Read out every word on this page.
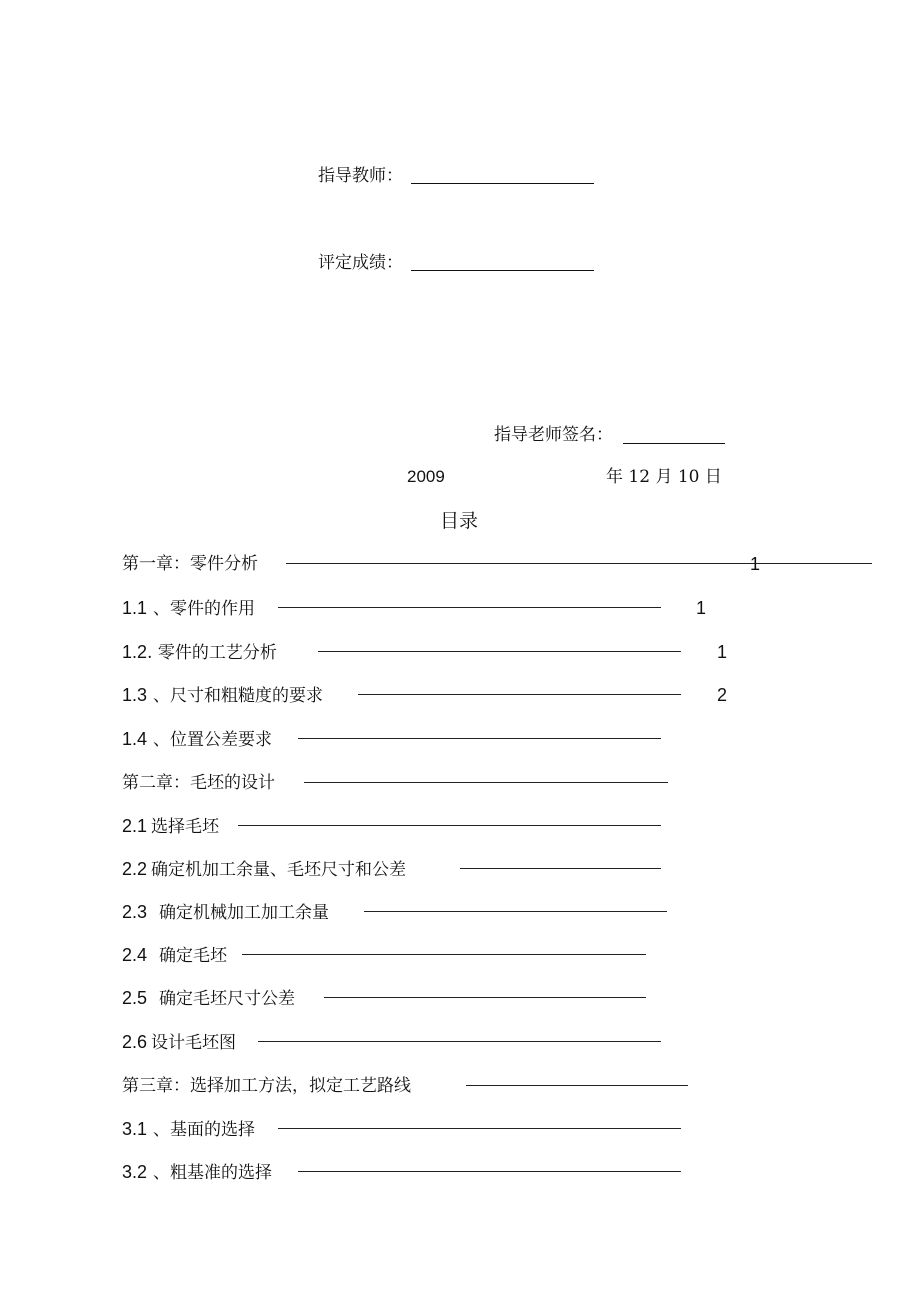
指导教师：
评定成绩：
指导老师签名：
2009	年 12 月 10 日
目录
第一章：零件分析	1
1.1 、零件的作用	1
1.2. 零件的工艺分析	1
1.3 、尺寸和粗糙度的要求	2
1.4 、位置公差要求
第二章：毛坯的设计
2.1 选择毛坯
2.2 确定机加工余量、毛坯尺寸和公差
2.3 确定机械加工加工余量
2.4 确定毛坯
2.5 确定毛坯尺寸公差
2.6 设计毛坯图
第三章：选择加工方法，拟定工艺路线
3.1 、基面的选择
3.2 、粗基准的选择
